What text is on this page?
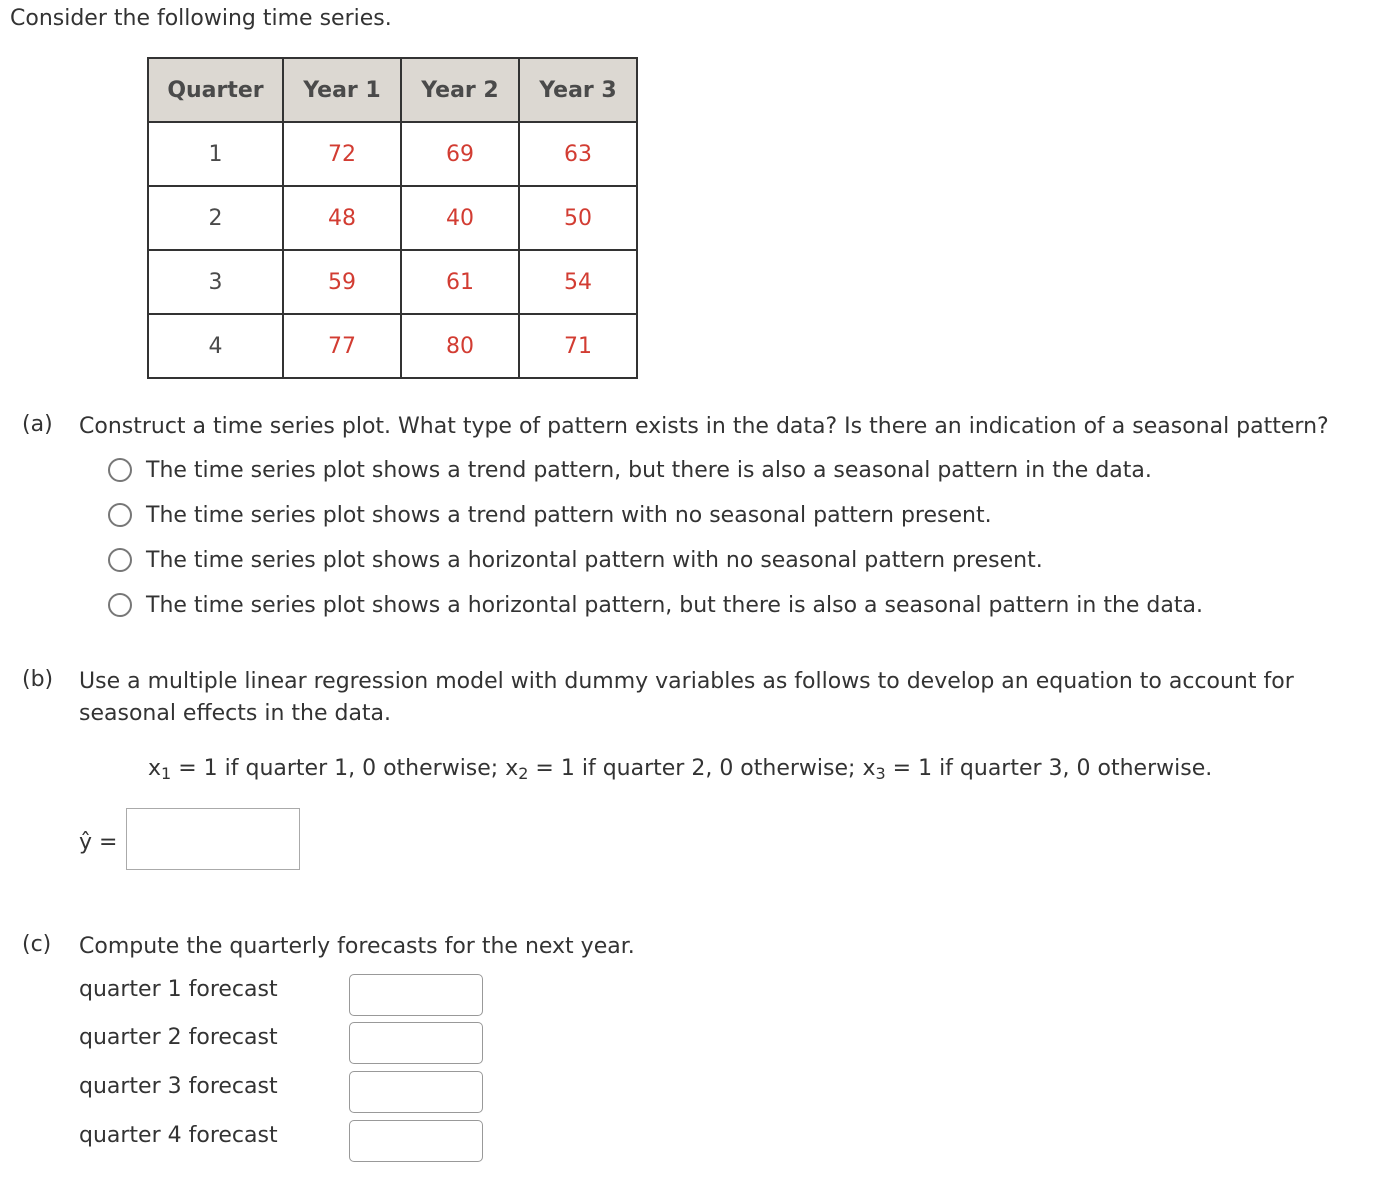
Consider the following time series.
Quarter	Year 1	Year 2	Year 3
1	72	69	63
2	48	40	50
3	59	61	54
4	77	80	71
(a) Construct a time series plot. What type of pattern exists in the data? Is there an indication of a seasonal pattern?
The time series plot shows a trend pattern, but there is also a seasonal pattern in the data.
The time series plot shows a trend pattern with no seasonal pattern present.
The time series plot shows a horizontal pattern with no seasonal pattern present.
The time series plot shows a horizontal pattern, but there is also a seasonal pattern in the data.
(b) Use a multiple linear regression model with dummy variables as follows to develop an equation to account for
seasonal effects in the data.
$x_1 = 1$ if quarter 1, 0 otherwise; $x_2 = 1$ if quarter 2, 0 otherwise; $x_3 = 1$ if quarter 3, 0 otherwise.
ŷ =
(c) Compute the quarterly forecasts for the next year.
quarter 1 forecast
quarter 2 forecast
quarter 3 forecast
quarter 4 forecast
